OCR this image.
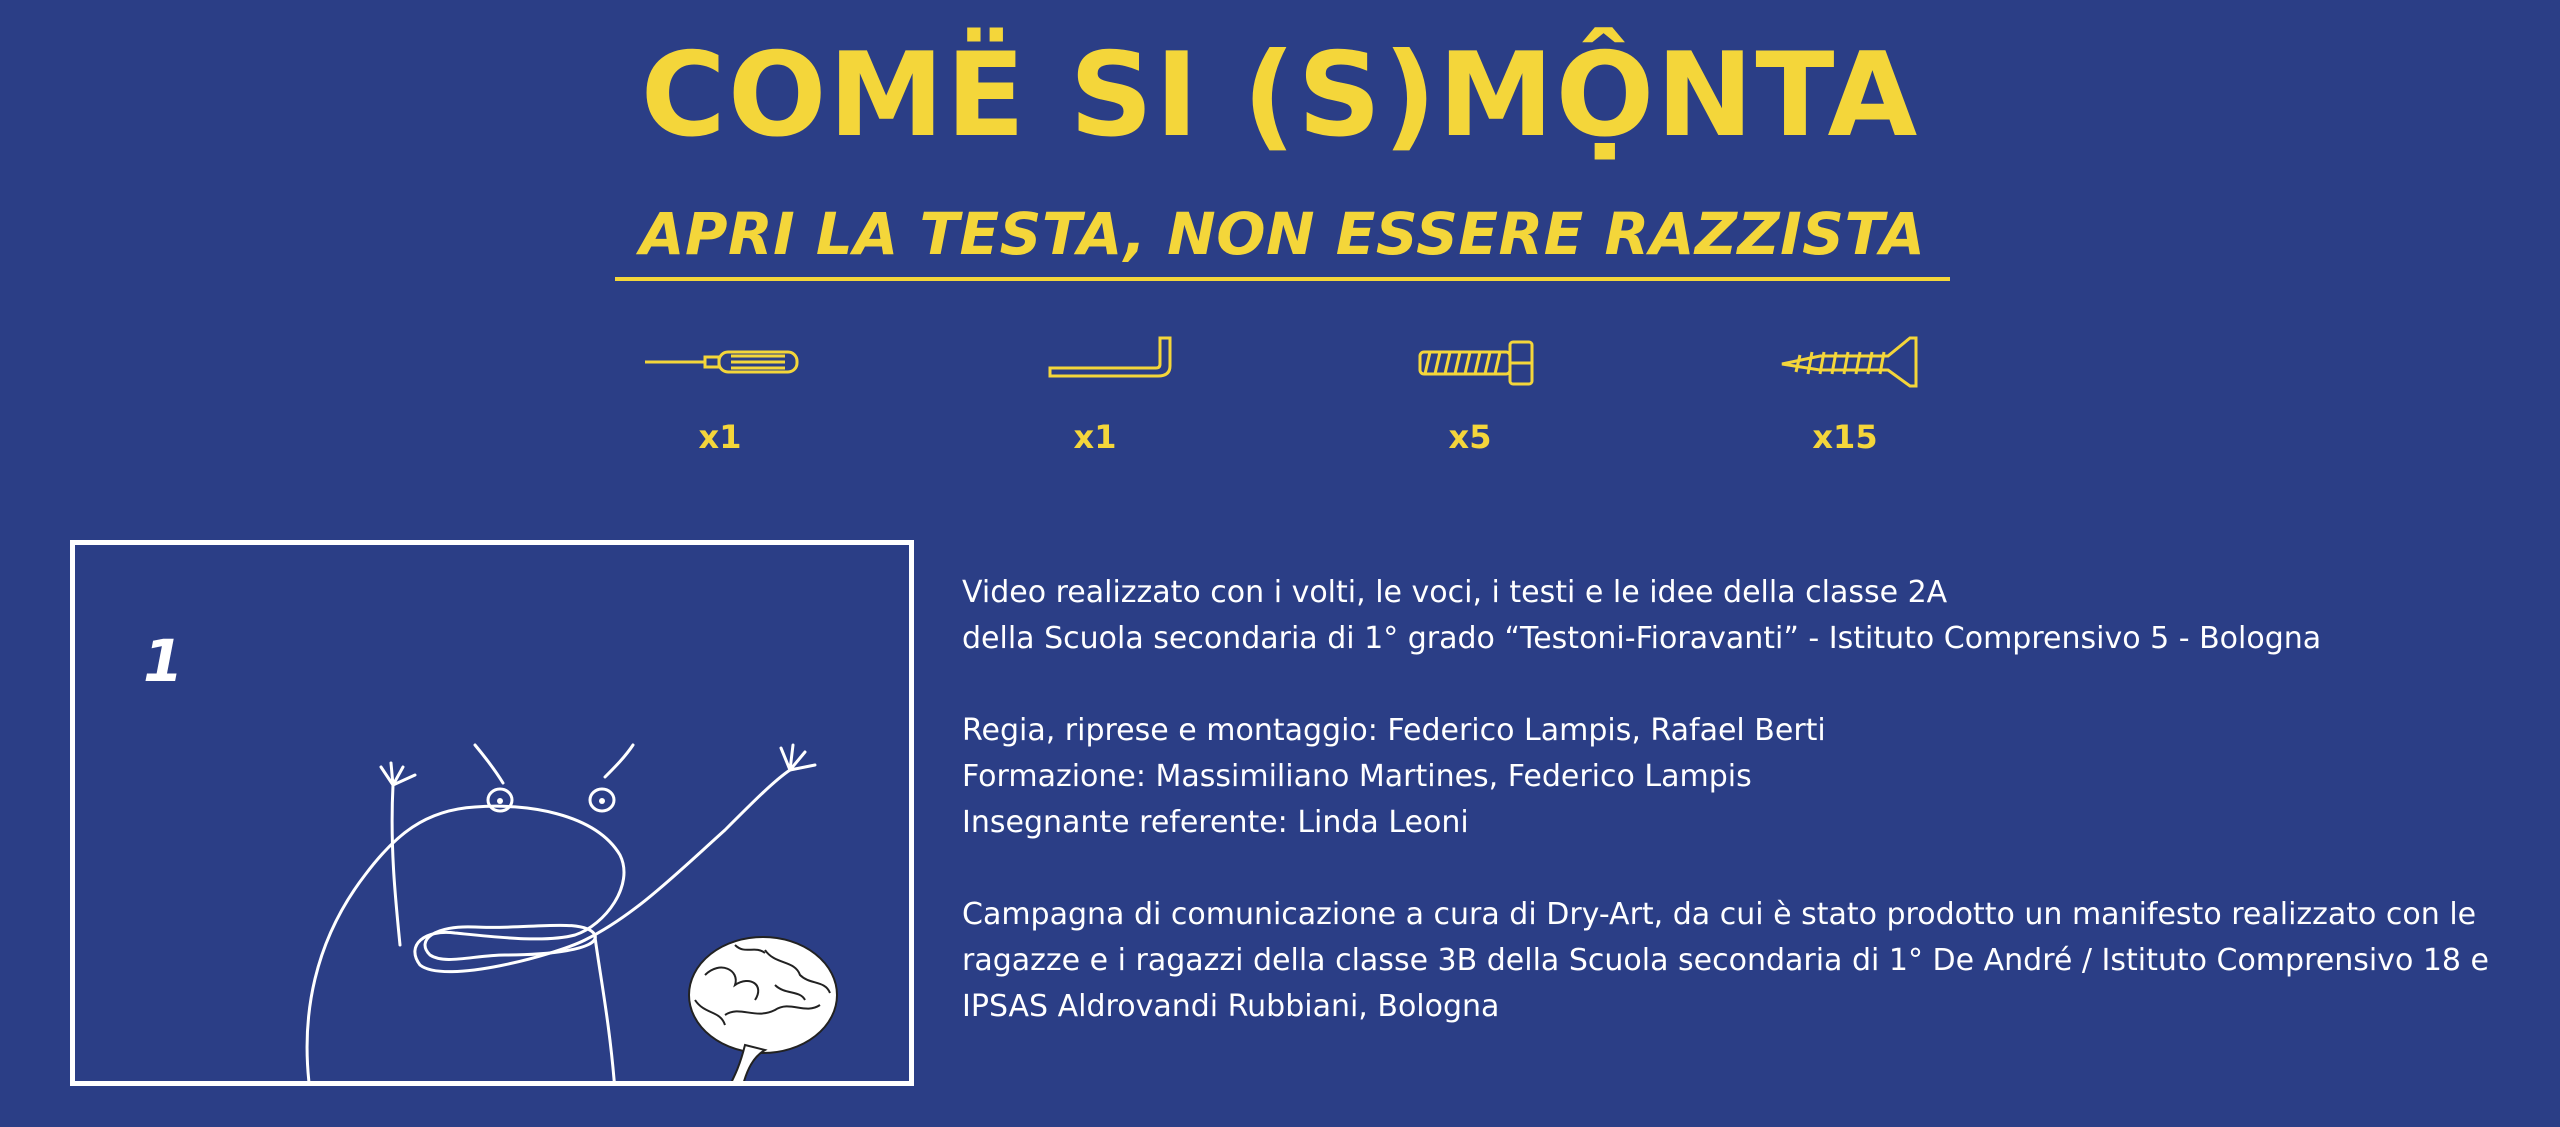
COMË SI (S)MỘNTA
APRI LA TESTA, NON ESSERE RAZZISTA
x1	x1	x5	x15
1

Video realizzato con i volti, le voci, i testi e le idee della classe 2A

della Scuola secondaria di 1° grado “Testoni-Fioravanti” - Istituto Comprensivo 5 - Bologna

Regia, riprese e montaggio: Federico Lampis, Rafael Berti

Formazione: Massimiliano Martines, Federico Lampis

Insegnante referente: Linda Leoni

Campagna di comunicazione a cura di Dry-Art, da cui è stato prodotto un manifesto realizzato con le

ragazze e i ragazzi della classe 3B della Scuola secondaria di 1° De André / Istituto Comprensivo 18 e

IPSAS Aldrovandi Rubbiani, Bologna
